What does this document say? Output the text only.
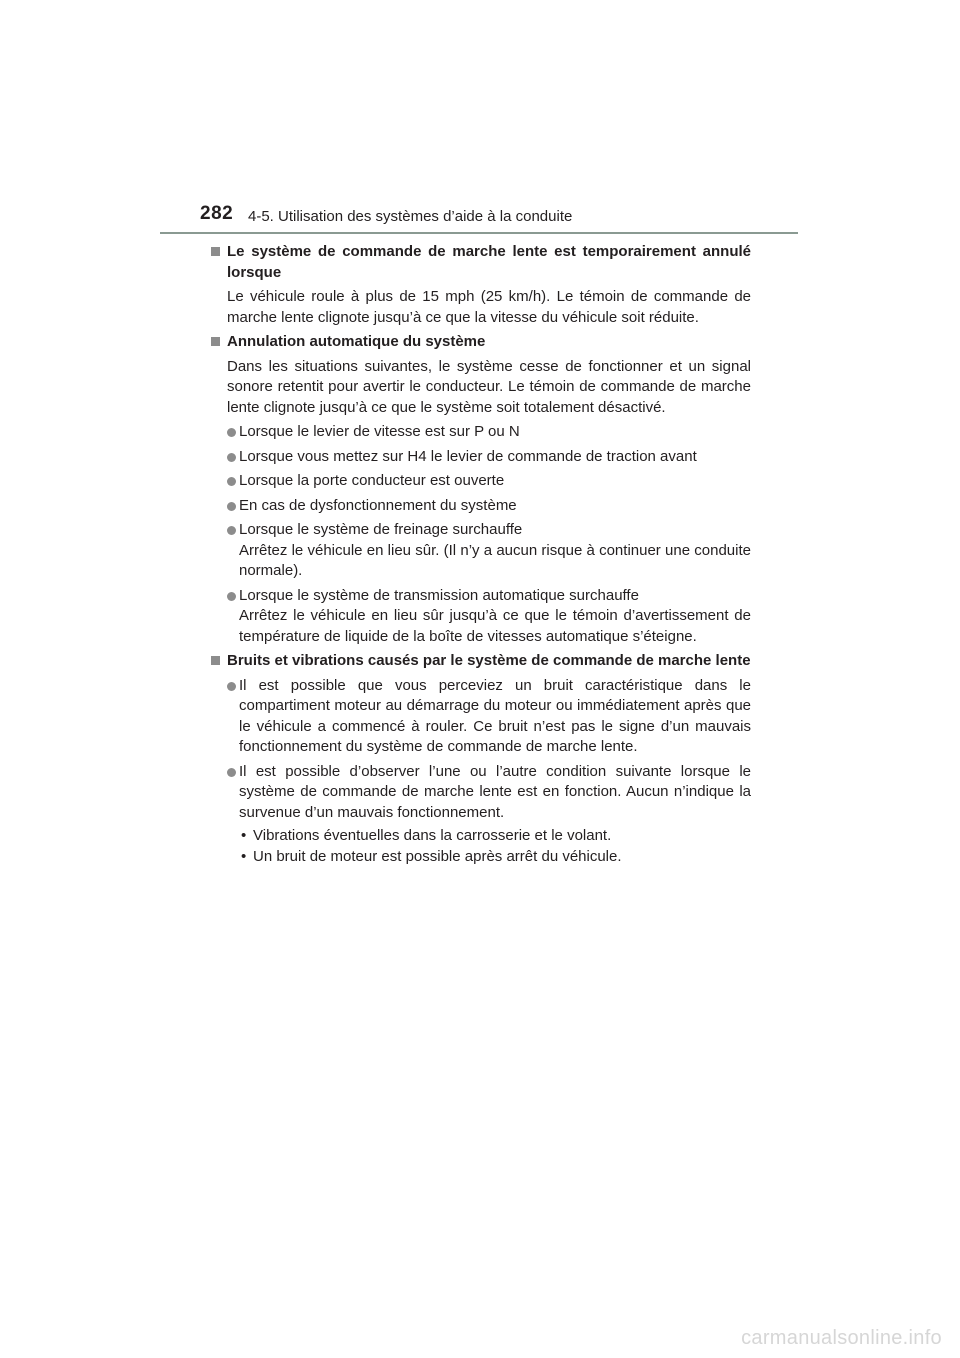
282 4-5. Utilisation des systèmes d’aide à la conduite
Le système de commande de marche lente est temporairement annulé lorsque
Le véhicule roule à plus de 15 mph (25 km/h). Le témoin de commande de marche lente clignote jusqu’à ce que la vitesse du véhicule soit réduite.
Annulation automatique du système
Dans les situations suivantes, le système cesse de fonctionner et un signal sonore retentit pour avertir le conducteur. Le témoin de commande de marche lente clignote jusqu’à ce que le système soit totalement désactivé.
Lorsque le levier de vitesse est sur P ou N
Lorsque vous mettez sur H4 le levier de commande de traction avant
Lorsque la porte conducteur est ouverte
En cas de dysfonctionnement du système
Lorsque le système de freinage surchauffe
Arrêtez le véhicule en lieu sûr. (Il n’y a aucun risque à continuer une conduite normale).
Lorsque le système de transmission automatique surchauffe
Arrêtez le véhicule en lieu sûr jusqu’à ce que le témoin d’avertissement de température de liquide de la boîte de vitesses automatique s’éteigne.
Bruits et vibrations causés par le système de commande de marche lente
Il est possible que vous perceviez un bruit caractéristique dans le compartiment moteur au démarrage du moteur ou immédiatement après que le véhicule a commencé à rouler. Ce bruit n’est pas le signe d’un mauvais fonctionnement du système de commande de marche lente.
Il est possible d’observer l’une ou l’autre condition suivante lorsque le système de commande de marche lente est en fonction. Aucun n’indique la survenue d’un mauvais fonctionnement.
• Vibrations éventuelles dans la carrosserie et le volant.
• Un bruit de moteur est possible après arrêt du véhicule.
carmanualsonline.info
